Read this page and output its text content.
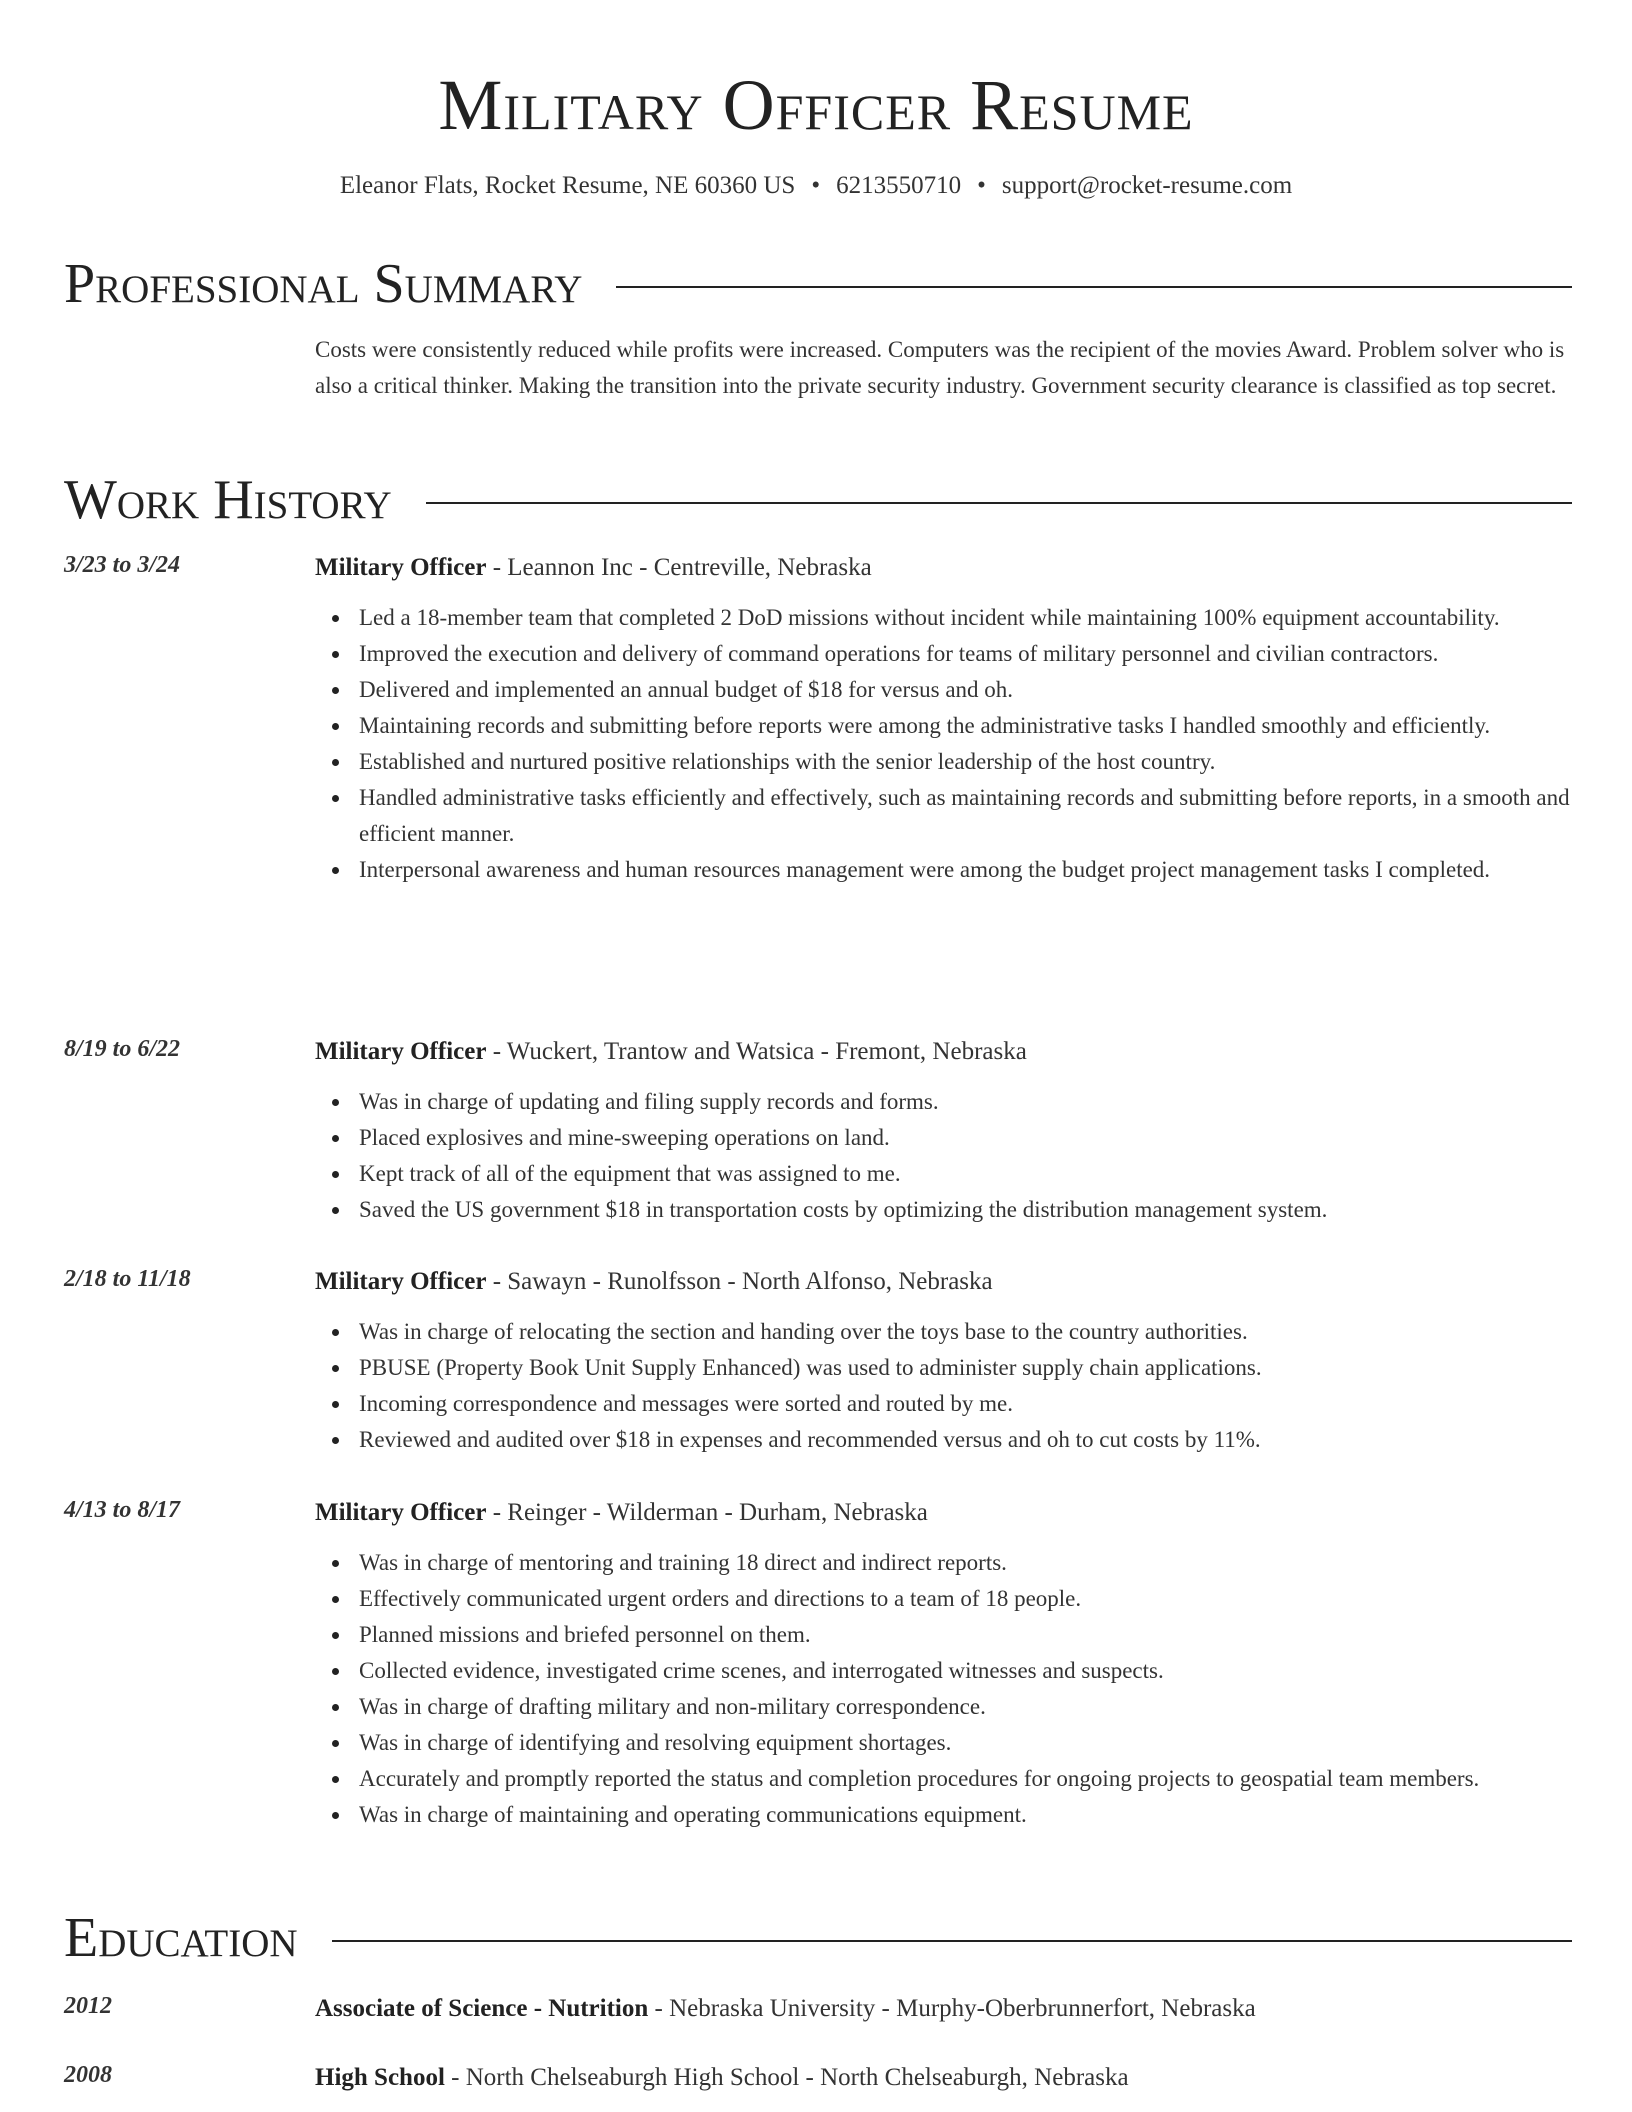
Military Officer Resume
Eleanor Flats, Rocket Resume, NE 60360 US • 6213550710 • support@rocket-resume.com
Professional Summary
Costs were consistently reduced while profits were increased. Computers was the recipient of the movies Award. Problem solver who is also a critical thinker. Making the transition into the private security industry. Government security clearance is classified as top secret.
Work History
3/23 to 3/24	Military Officer - Leannon Inc - Centreville, Nebraska
Led a 18-member team that completed 2 DoD missions without incident while maintaining 100% equipment accountability.
Improved the execution and delivery of command operations for teams of military personnel and civilian contractors.
Delivered and implemented an annual budget of $18 for versus and oh.
Maintaining records and submitting before reports were among the administrative tasks I handled smoothly and efficiently.
Established and nurtured positive relationships with the senior leadership of the host country.
Handled administrative tasks efficiently and effectively, such as maintaining records and submitting before reports, in a smooth and efficient manner.
Interpersonal awareness and human resources management were among the budget project management tasks I completed.
8/19 to 6/22	Military Officer - Wuckert, Trantow and Watsica - Fremont, Nebraska
Was in charge of updating and filing supply records and forms.
Placed explosives and mine-sweeping operations on land.
Kept track of all of the equipment that was assigned to me.
Saved the US government $18 in transportation costs by optimizing the distribution management system.
2/18 to 11/18	Military Officer - Sawayn - Runolfsson - North Alfonso, Nebraska
Was in charge of relocating the section and handing over the toys base to the country authorities.
PBUSE (Property Book Unit Supply Enhanced) was used to administer supply chain applications.
Incoming correspondence and messages were sorted and routed by me.
Reviewed and audited over $18 in expenses and recommended versus and oh to cut costs by 11%.
4/13 to 8/17	Military Officer - Reinger - Wilderman - Durham, Nebraska
Was in charge of mentoring and training 18 direct and indirect reports.
Effectively communicated urgent orders and directions to a team of 18 people.
Planned missions and briefed personnel on them.
Collected evidence, investigated crime scenes, and interrogated witnesses and suspects.
Was in charge of drafting military and non-military correspondence.
Was in charge of identifying and resolving equipment shortages.
Accurately and promptly reported the status and completion procedures for ongoing projects to geospatial team members.
Was in charge of maintaining and operating communications equipment.
Education
2012	Associate of Science - Nutrition - Nebraska University - Murphy-Oberbrunnerfort, Nebraska
2008	High School - North Chelseaburgh High School - North Chelseaburgh, Nebraska
